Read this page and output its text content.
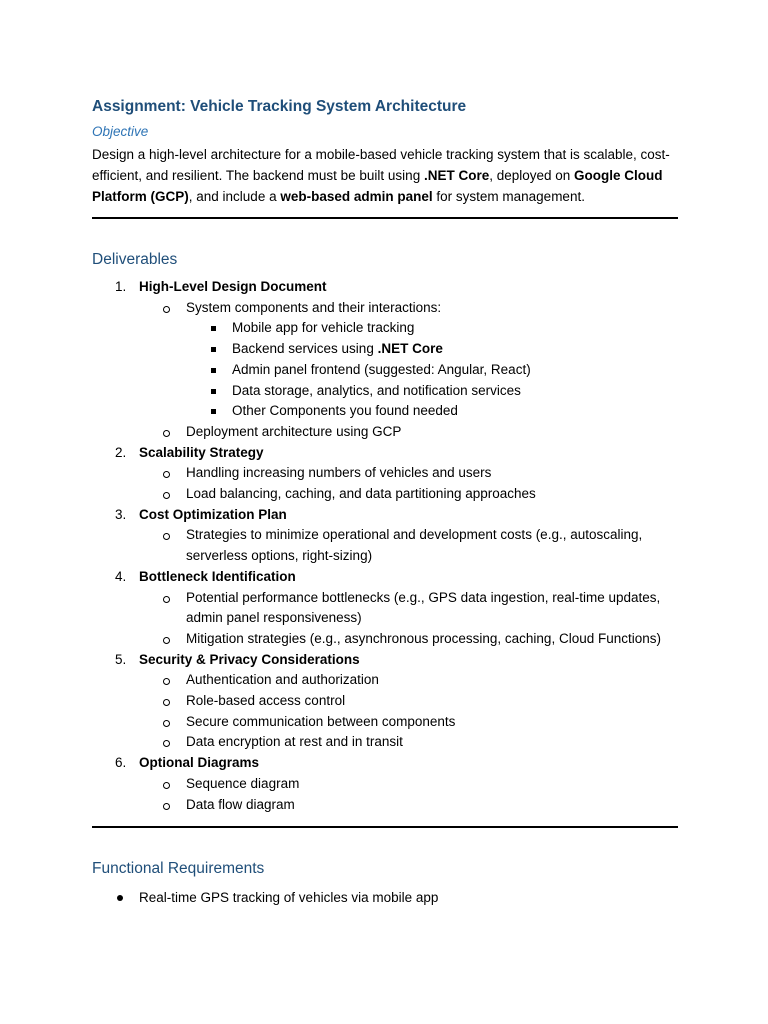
Assignment: Vehicle Tracking System Architecture
Objective
Design a high-level architecture for a mobile-based vehicle tracking system that is scalable, cost-efficient, and resilient. The backend must be built using .NET Core, deployed on Google Cloud Platform (GCP), and include a web-based admin panel for system management.
Deliverables
1. High-Level Design Document
System components and their interactions:
Mobile app for vehicle tracking
Backend services using .NET Core
Admin panel frontend (suggested: Angular, React)
Data storage, analytics, and notification services
Other Components you found needed
Deployment architecture using GCP
2. Scalability Strategy
Handling increasing numbers of vehicles and users
Load balancing, caching, and data partitioning approaches
3. Cost Optimization Plan
Strategies to minimize operational and development costs (e.g., autoscaling, serverless options, right-sizing)
4. Bottleneck Identification
Potential performance bottlenecks (e.g., GPS data ingestion, real-time updates, admin panel responsiveness)
Mitigation strategies (e.g., asynchronous processing, caching, Cloud Functions)
5. Security & Privacy Considerations
Authentication and authorization
Role-based access control
Secure communication between components
Data encryption at rest and in transit
6. Optional Diagrams
Sequence diagram
Data flow diagram
Functional Requirements
Real-time GPS tracking of vehicles via mobile app
